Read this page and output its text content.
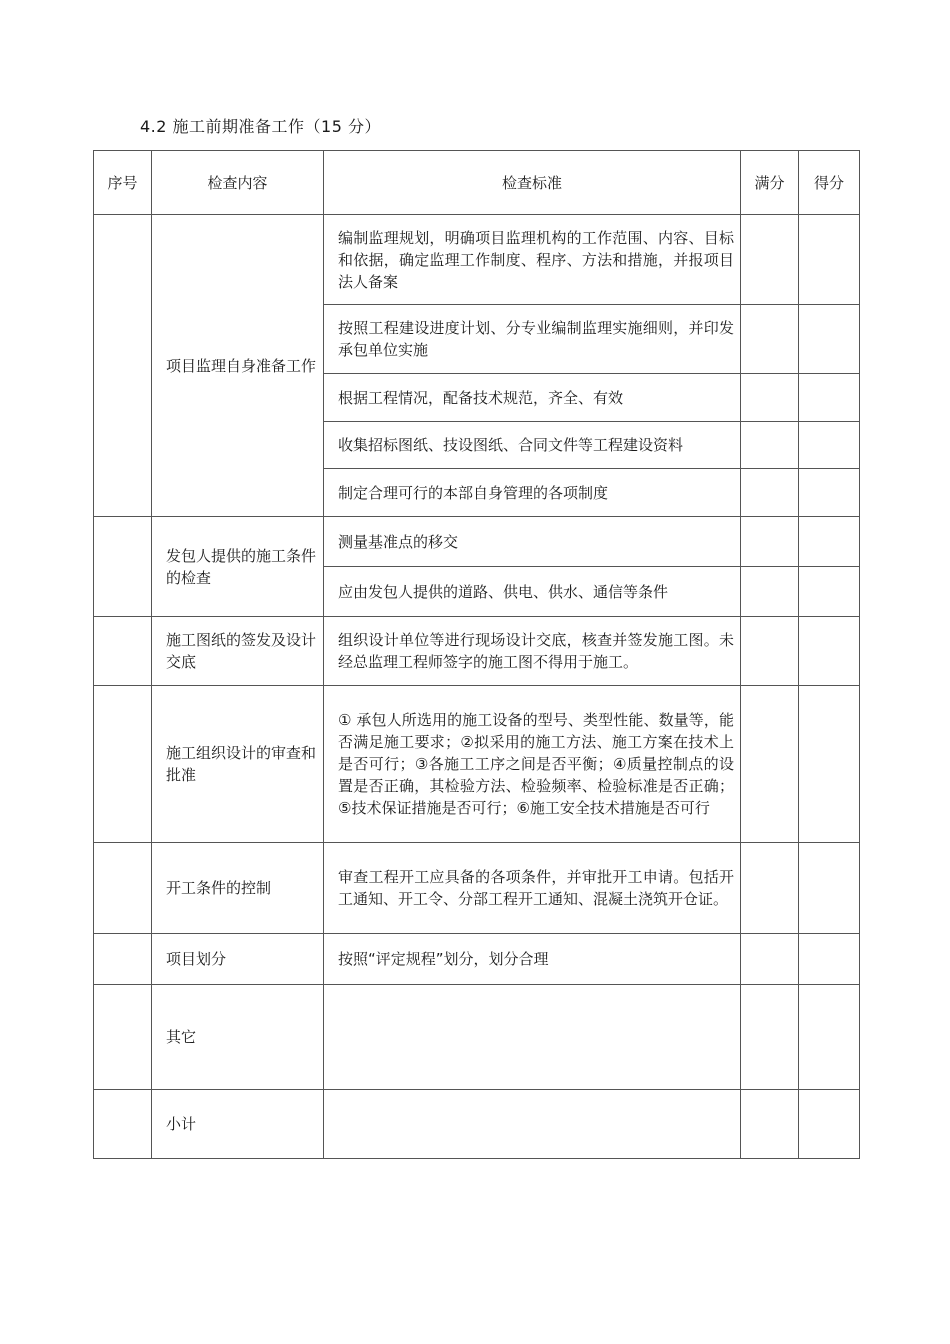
4.2 施工前期准备工作（15 分）
序号	检查内容	检查标准	满分	得分
	项目监理自身准备工作	编制监理规划，明确项目监理机构的工作范围、内容、目标和依据，确定监理工作制度、程序、方法和措施，并报项目法人备案		
		按照工程建设进度计划、分专业编制监理实施细则，并印发承包单位实施		
		根据工程情况，配备技术规范，齐全、有效		
		收集招标图纸、技设图纸、合同文件等工程建设资料		
		制定合理可行的本部自身管理的各项制度		
	发包人提供的施工条件的检查	测量基准点的移交		
		应由发包人提供的道路、供电、供水、通信等条件		
	施工图纸的签发及设计交底	组织设计单位等进行现场设计交底，核查并签发施工图。未经总监理工程师签字的施工图不得用于施工。		
	施工组织设计的审查和批准	① 承包人所选用的施工设备的型号、类型性能、数量等，能否满足施工要求；②拟采用的施工方法、施工方案在技术上是否可行；③各施工工序之间是否平衡；④质量控制点的设置是否正确，其检验方法、检验频率、检验标准是否正确；⑤技术保证措施是否可行；⑥施工安全技术措施是否可行		
	开工条件的控制	审查工程开工应具备的各项条件，并审批开工申请。包括开工通知、开工令、分部工程开工通知、混凝土浇筑开仓证。		
	项目划分	按照“评定规程”划分，划分合理		
	其它			
	小计			
